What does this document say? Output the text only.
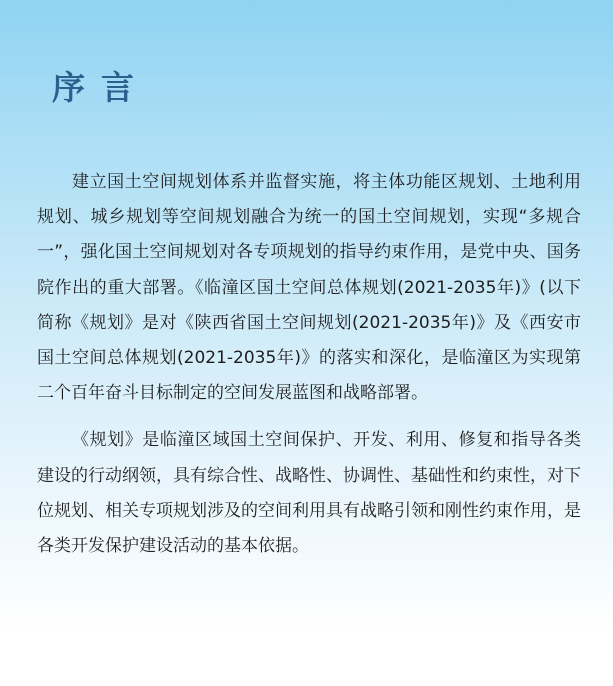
序言

建立国土空间规划体系并监督实施，将主体功能区规划、土地利用规划、城乡规划等空间规划融合为统一的国土空间规划，实现“多规合一”，强化国土空间规划对各专项规划的指导约束作用，是党中央、国务院作出的重大部署。《临潼区国土空间总体规划(2021-2035年)》(以下简称《规划》是对《陕西省国土空间规划(2021-2035年)》及《西安市国土空间总体规划(2021-2035年)》的落实和深化，是临潼区为实现第二个百年奋斗目标制定的空间发展蓝图和战略部署。

《规划》是临潼区域国土空间保护、开发、利用、修复和指导各类建设的行动纲领，具有综合性、战略性、协调性、基础性和约束性，对下位规划、相关专项规划涉及的空间利用具有战略引领和刚性约束作用，是各类开发保护建设活动的基本依据。
